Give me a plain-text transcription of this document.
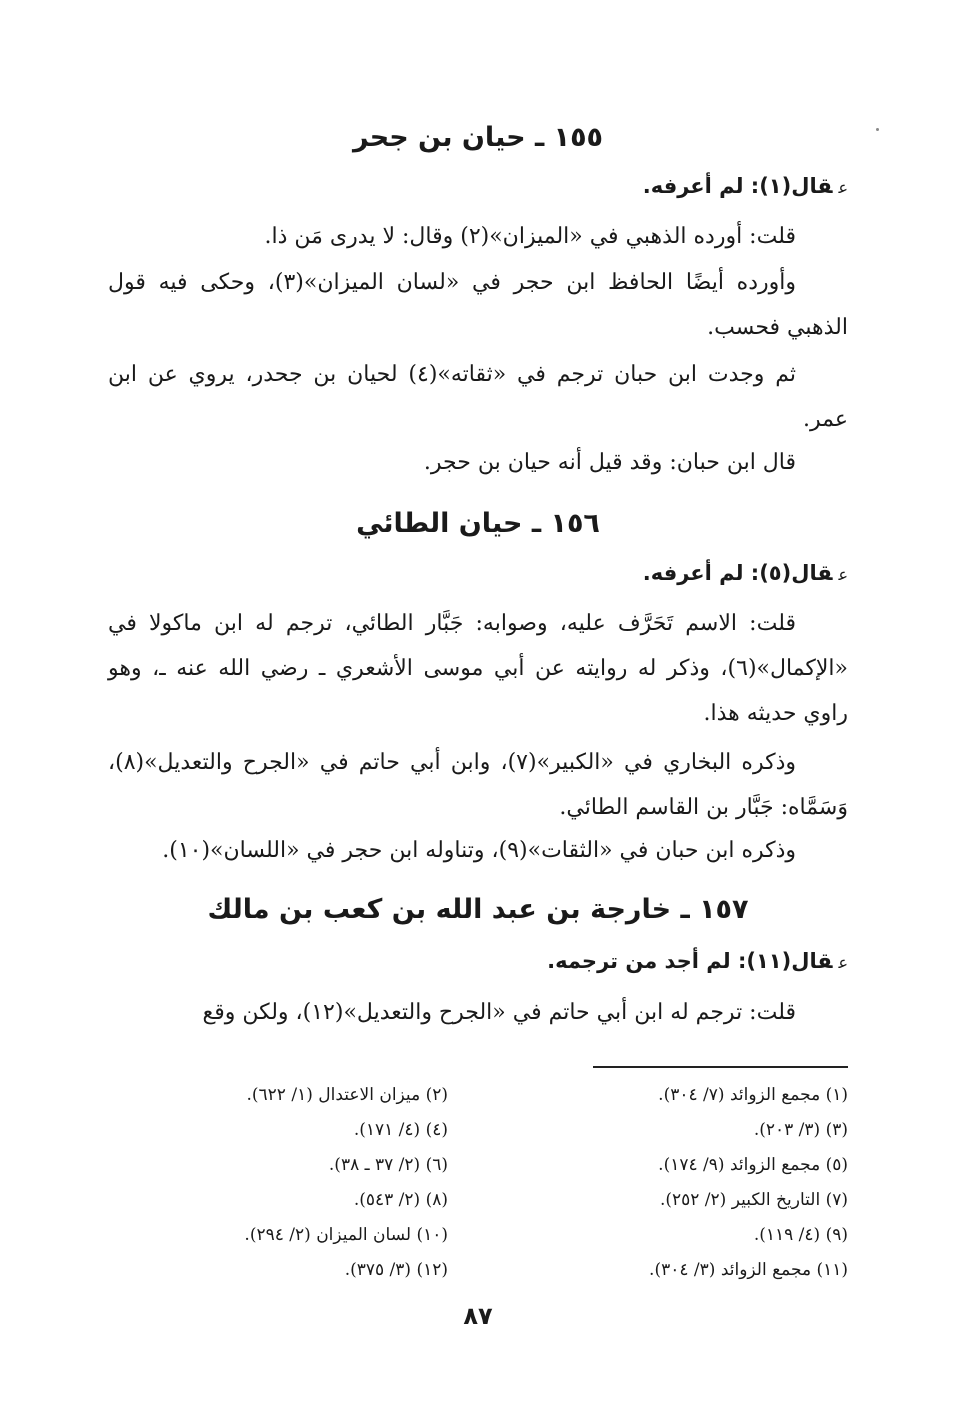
١٥٥ ـ حيان بن جحر
عقال(١): لم أعرفه.

قلت: أورده الذهبي في «الميزان»(٢) وقال: لا يدرى مَن ذا.

وأورده أيضًا الحافظ ابن حجر في «لسان الميزان»(٣)، وحكى فيه قول الذهبي فحسب.

ثم وجدت ابن حبان ترجم في «ثقاته»(٤) لحيان بن جحدر، يروي عن ابن عمر.

قال ابن حبان: وقد قيل أنه حيان بن حجر.

١٥٦ ـ حيان الطائي
عقال(٥): لم أعرفه.

قلت: الاسم تَحَرَّف عليه، وصوابه: جَبَّار الطائي، ترجم له ابن ماكولا في «الإكمال»(٦)، وذكر له روايته عن أبي موسى الأشعري ـ رضي الله عنه ـ، وهو راوي حديثه هذا.

وذكره البخاري في «الكبير»(٧)، وابن أبي حاتم في «الجرح والتعديل»(٨)، وَسَمَّاه: جَبَّار بن القاسم الطائي.

وذكره ابن حبان في «الثقات»(٩)، وتناوله ابن حجر في «اللسان»(١٠).

١٥٧ ـ خارجة بن عبد الله بن كعب بن مالك
عقال(١١): لم أجد من ترجمه.

قلت: ترجم له ابن أبي حاتم في «الجرح والتعديل»(١٢)، ولكن وقع

(١) مجمع الزوائد (٧/ ٣٠٤).
(٣) (٣/ ٢٠٣).
(٥) مجمع الزوائد (٩/ ١٧٤).
(٧) التاريخ الكبير (٢/ ٢٥٢).
(٩) (٤/ ١١٩).
(١١) مجمع الزوائد (٣/ ٣٠٤).
(٢) ميزان الاعتدال (١/ ٦٢٢).
(٤) (٤/ ١٧١).
(٦) (٢/ ٣٧ ـ ٣٨).
(٨) (٢/ ٥٤٣).
(١٠) لسان الميزان (٢/ ٢٩٤).
(١٢) (٣/ ٣٧٥).
٨٧
